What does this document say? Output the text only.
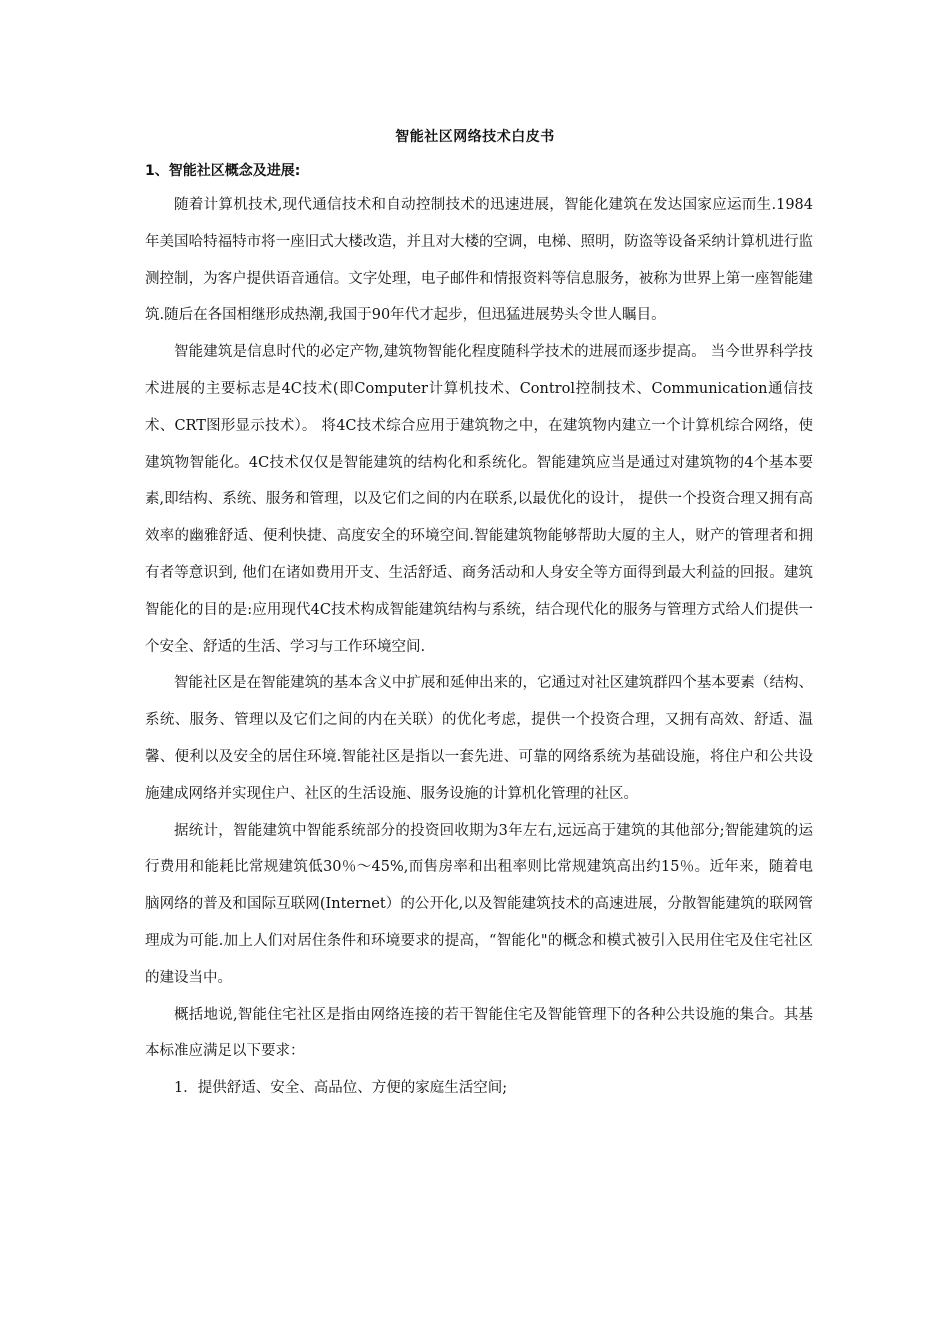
智能社区网络技术白皮书
1、智能社区概念及进展:

随着计算机技术,现代通信技术和自动控制技术的迅速进展，智能化建筑在发达国家应运而生.1984年美国哈特福特市将一座旧式大楼改造，并且对大楼的空调，电梯、照明，防盗等设备采纳计算机进行监测控制，为客户提供语音通信。文字处理，电子邮件和情报资料等信息服务，被称为世界上第一座智能建筑.随后在各国相继形成热潮,我国于90年代才起步，但迅猛进展势头令世人瞩目。

智能建筑是信息时代的必定产物,建筑物智能化程度随科学技术的进展而逐步提高。 当今世界科学技术进展的主要标志是4C技术(即Computer计算机技术、Control控制技术、Communication通信技术、CRT图形显示技术）。 将4C技术综合应用于建筑物之中，在建筑物内建立一个计算机综合网络，使建筑物智能化。4C技术仅仅是智能建筑的结构化和系统化。智能建筑应当是通过对建筑物的4个基本要素,即结构、系统、服务和管理，以及它们之间的内在联系,以最优化的设计， 提供一个投资合理又拥有高效率的幽雅舒适、便利快捷、高度安全的环境空间.智能建筑物能够帮助大厦的主人，财产的管理者和拥有者等意识到, 他们在诸如费用开支、生活舒适、商务活动和人身安全等方面得到最大利益的回报。建筑智能化的目的是:应用现代4C技术构成智能建筑结构与系统，结合现代化的服务与管理方式给人们提供一个安全、舒适的生活、学习与工作环境空间.

智能社区是在智能建筑的基本含义中扩展和延伸出来的，它通过对社区建筑群四个基本要素（结构、系统、服务、管理以及它们之间的内在关联）的优化考虑，提供一个投资合理，又拥有高效、舒适、温馨、便利以及安全的居住环境.智能社区是指以一套先进、可靠的网络系统为基础设施，将住户和公共设施建成网络并实现住户、社区的生活设施、服务设施的计算机化管理的社区。

据统计，智能建筑中智能系统部分的投资回收期为3年左右,远远高于建筑的其他部分;智能建筑的运行费用和能耗比常规建筑低30％～45%,而售房率和出租率则比常规建筑高出约15％。近年来，随着电脑网络的普及和国际互联网(Internet）的公开化,以及智能建筑技术的高速进展，分散智能建筑的联网管理成为可能.加上人们对居住条件和环境要求的提高，“智能化"的概念和模式被引入民用住宅及住宅社区的建设当中。

概括地说,智能住宅社区是指由网络连接的若干智能住宅及智能管理下的各种公共设施的集合。其基本标准应满足以下要求：

1．提供舒适、安全、高品位、方便的家庭生活空间;
